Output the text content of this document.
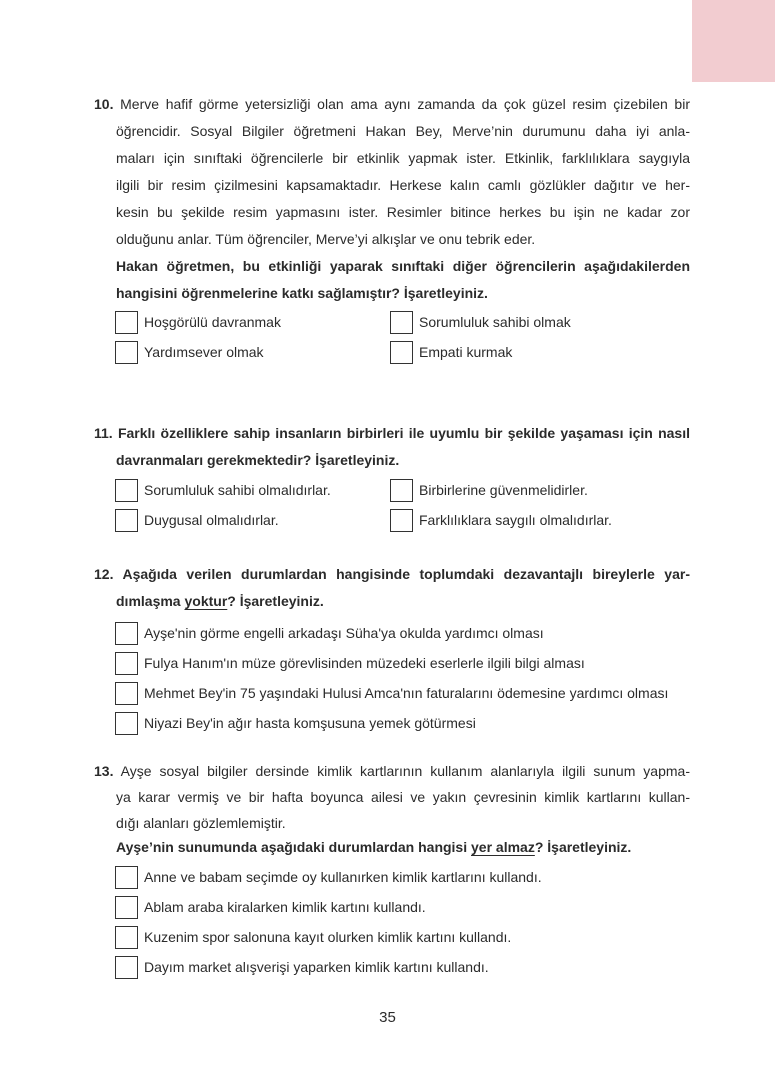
10. Merve hafif görme yetersizliği olan ama aynı zamanda da çok güzel resim çizebilen bir
öğrencidir. Sosyal Bilgiler öğretmeni Hakan Bey, Merve’nin durumunu daha iyi anla-
maları için sınıftaki öğrencilerle bir etkinlik yapmak ister. Etkinlik, farklılıklara saygıyla
ilgili bir resim çizilmesini kapsamaktadır. Herkese kalın camlı gözlükler dağıtır ve her-
kesin bu şekilde resim yapmasını ister. Resimler bitince herkes bu işin ne kadar zor
olduğunu anlar. Tüm öğrenciler, Merve’yi alkışlar ve onu tebrik eder.
Hakan öğretmen, bu etkinliği yaparak sınıftaki diğer öğrencilerin aşağıdakilerden
hangisini öğrenmelerine katkı sağlamıştır? İşaretleyiniz.
Hoşgörülü davranmak	Sorumluluk sahibi olmak
Yardımsever olmak	Empati kurmak
11. Farklı özelliklere sahip insanların birbirleri ile uyumlu bir şekilde yaşaması için nasıl
davranmaları gerekmektedir? İşaretleyiniz.
Sorumluluk sahibi olmalıdırlar.	Birbirlerine güvenmelidirler.
Duygusal olmalıdırlar.	Farklılıklara saygılı olmalıdırlar.
12. Aşağıda verilen durumlardan hangisinde toplumdaki dezavantajlı bireylerle yar-
dımlaşma yoktur? İşaretleyiniz.
Ayşe'nin görme engelli arkadaşı Süha'ya okulda yardımcı olması
Fulya Hanım'ın müze görevlisinden müzedeki eserlerle ilgili bilgi alması
Mehmet Bey'in 75 yaşındaki Hulusi Amca'nın faturalarını ödemesine yardımcı olması
Niyazi Bey'in ağır hasta komşusuna yemek götürmesi
13. Ayşe sosyal bilgiler dersinde kimlik kartlarının kullanım alanlarıyla ilgili sunum yapma-
ya karar vermiş ve bir hafta boyunca ailesi ve yakın çevresinin kimlik kartlarını kullan-
dığı alanları gözlemlemiştir.
Ayşe’nin sunumunda aşağıdaki durumlardan hangisi yer almaz? İşaretleyiniz.
Anne ve babam seçimde oy kullanırken kimlik kartlarını kullandı.
Ablam araba kiralarken kimlik kartını kullandı.
Kuzenim spor salonuna kayıt olurken kimlik kartını kullandı.
Dayım market alışverişi yaparken kimlik kartını kullandı.
35
